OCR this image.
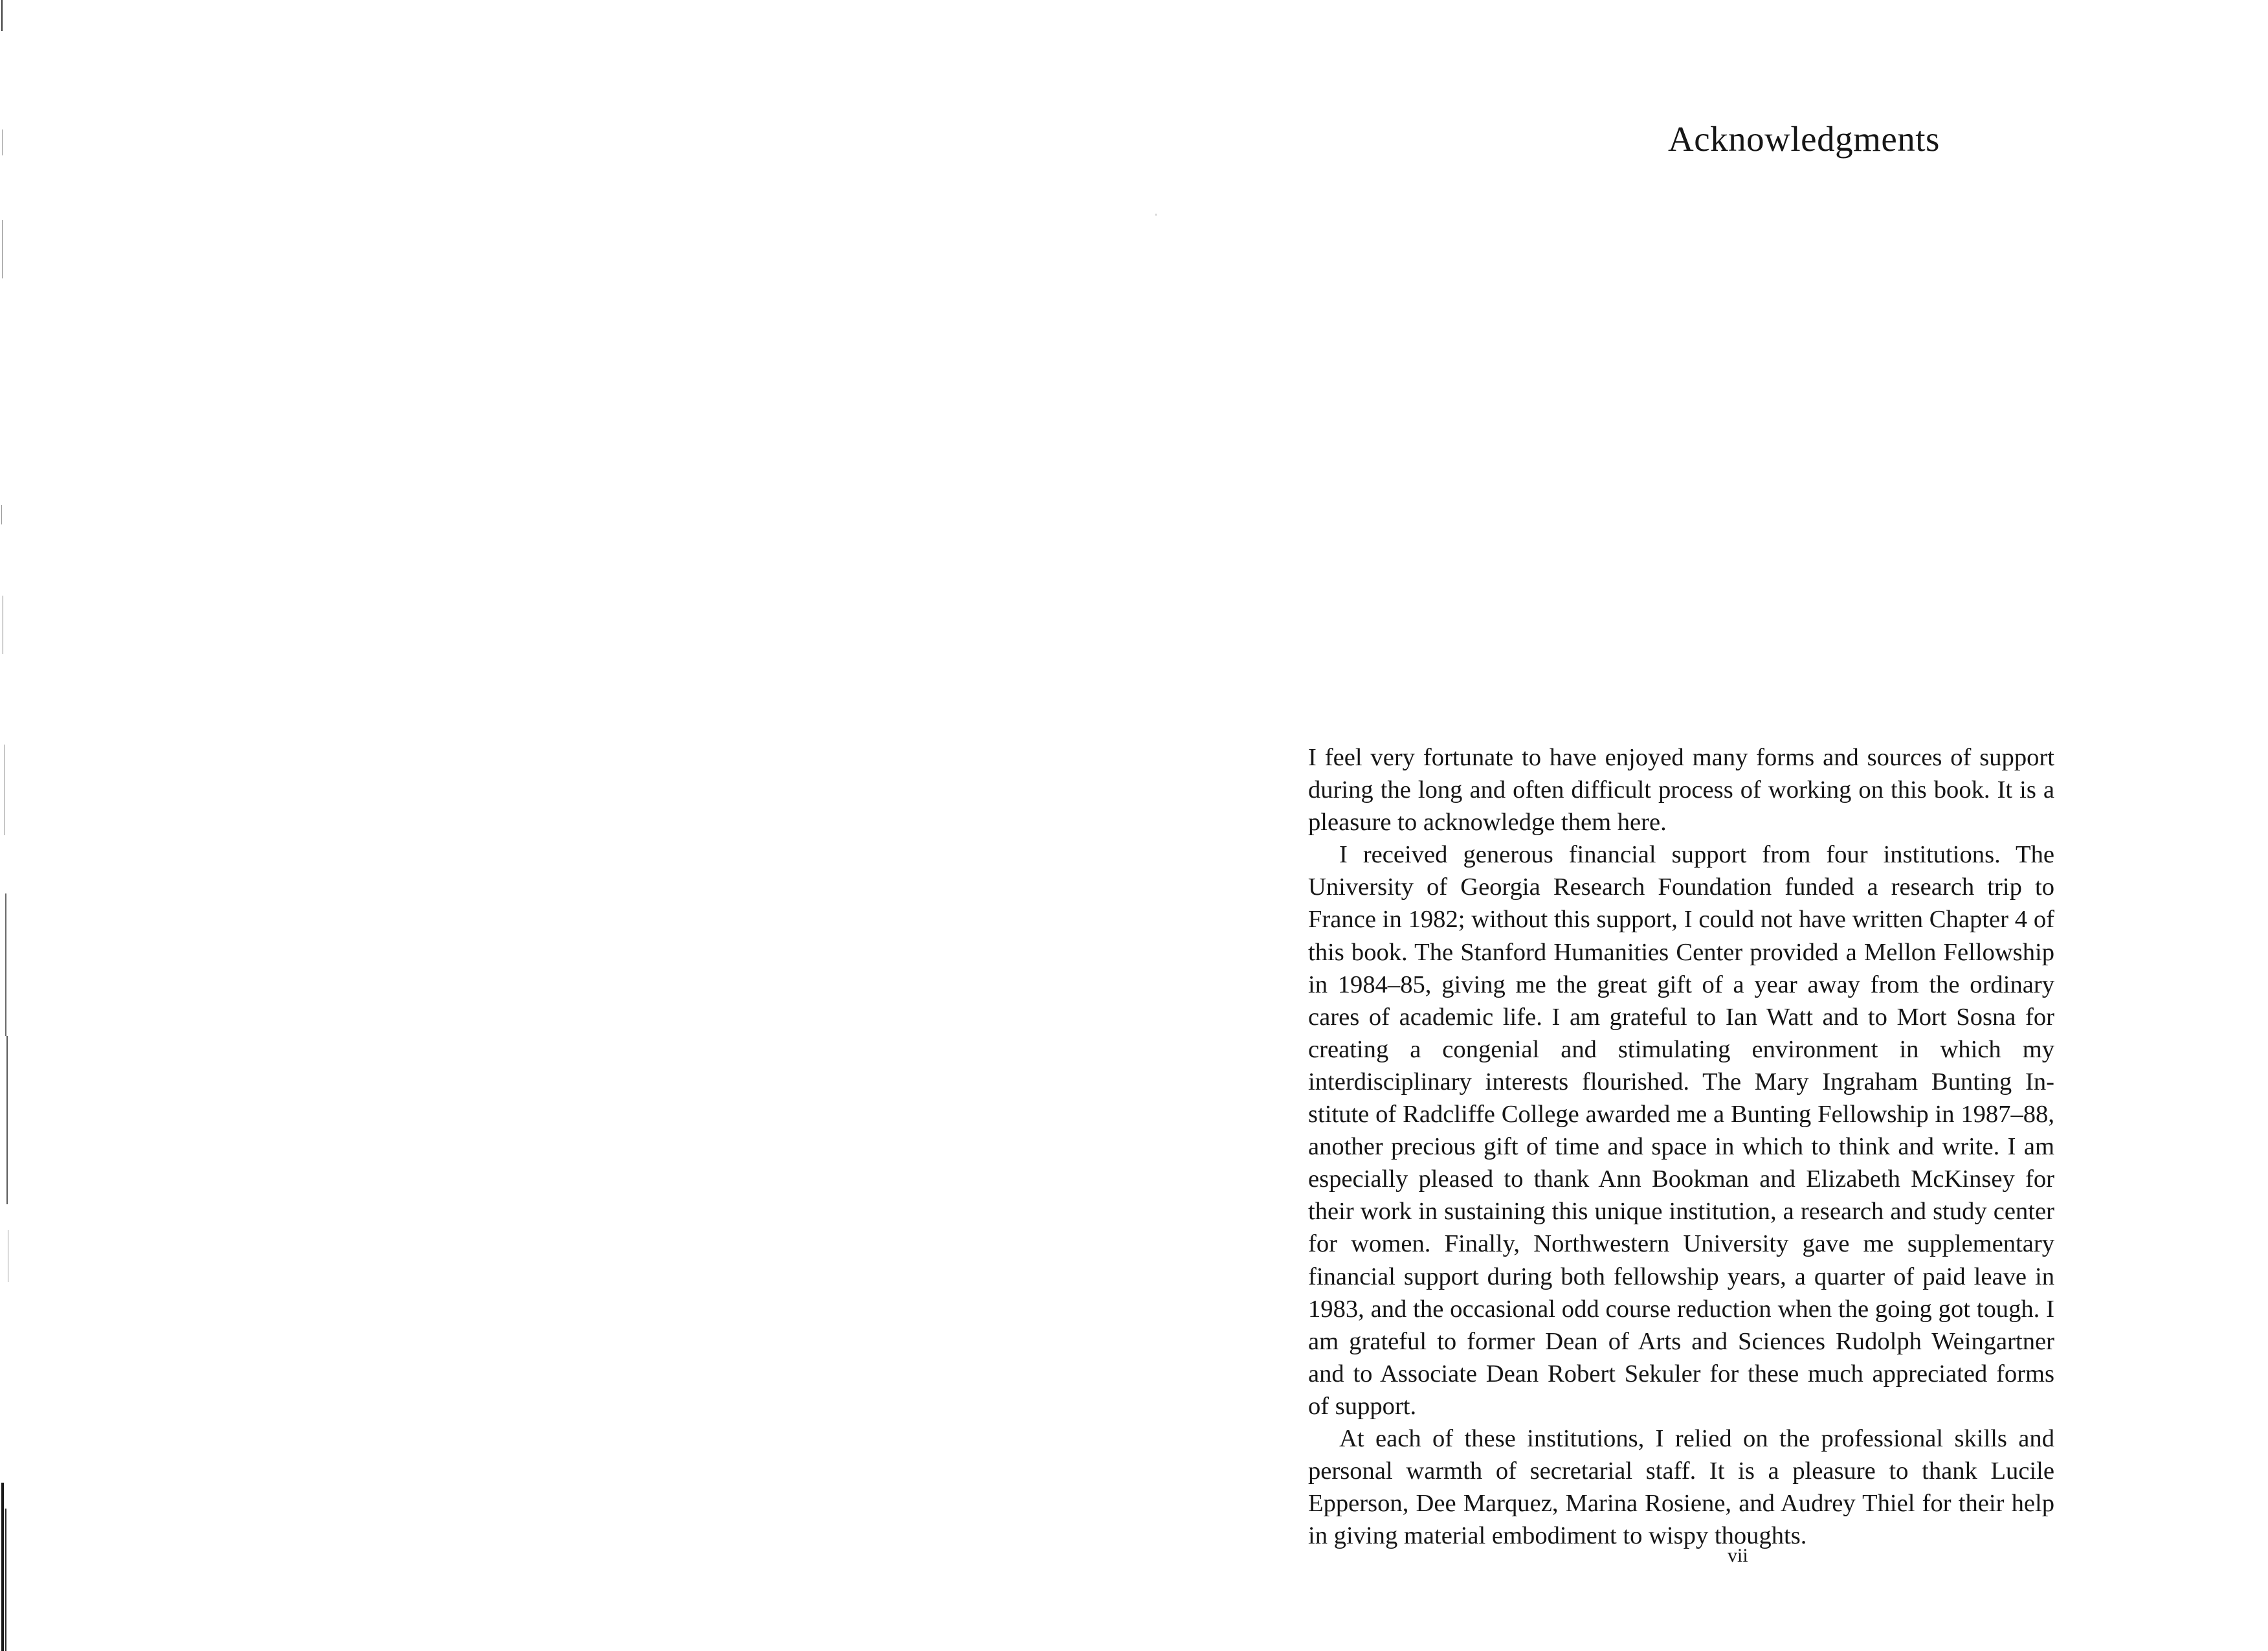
Acknowledgments

I feel very fortunate to have enjoyed many forms and sources of support during the long and often difficult process of working on this book. It is a pleasure to acknowledge them here.

I received generous financial support from four institutions. The University of Georgia Research Foundation funded a research trip to France in 1982; without this support, I could not have written Chapter 4 of this book. The Stanford Humanities Center provided a Mellon Fellowship in 1984–85, giving me the great gift of a year away from the ordinary cares of academic life. I am grateful to Ian Watt and to Mort Sosna for creating a congenial and stimulating environment in which my interdisciplinary interests flourished. The Mary Ingraham Bunting Institute of Radcliffe College awarded me a Bunting Fellowship in 1987–88, another precious gift of time and space in which to think and write. I am especially pleased to thank Ann Bookman and Elizabeth McKinsey for their work in sustaining this unique institution, a research and study center for women. Finally, Northwestern University gave me supplementary financial support during both fellowship years, a quarter of paid leave in 1983, and the occasional odd course reduction when the going got tough. I am grateful to former Dean of Arts and Sciences Rudolph Weingartner and to Associate Dean Robert Sekuler for these much appreciated forms of support.

At each of these institutions, I relied on the professional skills and personal warmth of secretarial staff. It is a pleasure to thank Lucile Epperson, Dee Marquez, Marina Rosiene, and Audrey Thiel for their help in giving material embodiment to wispy thoughts.

vii
